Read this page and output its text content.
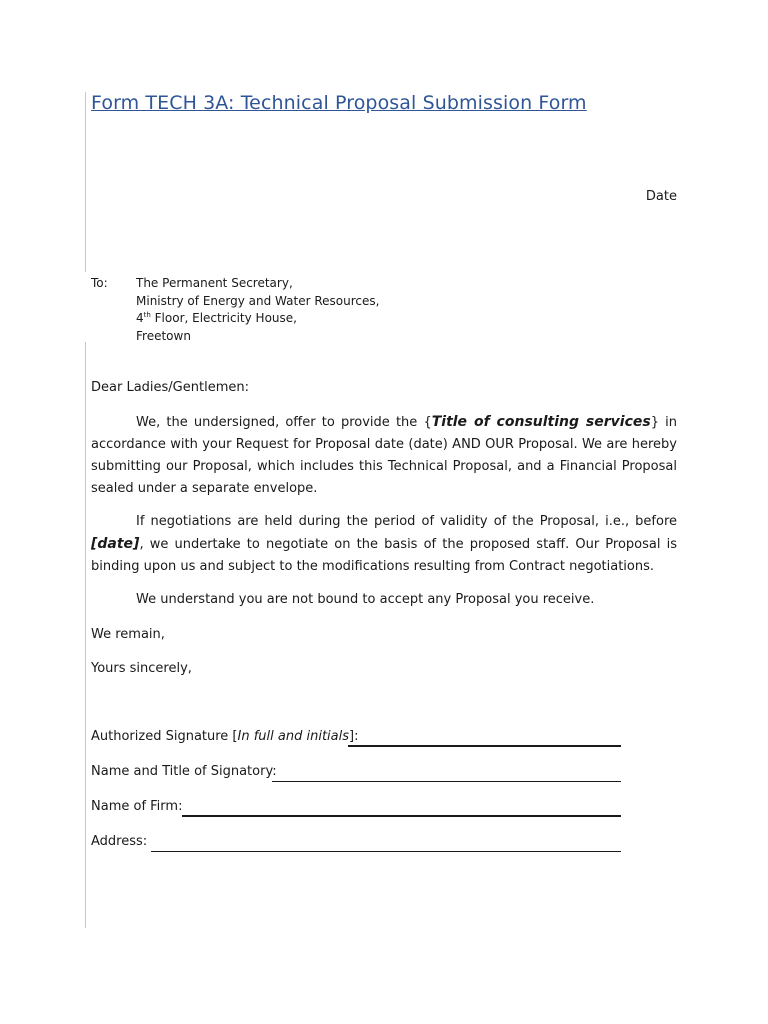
Form TECH 3A: Technical Proposal Submission Form
Date
To: The Permanent Secretary,
Ministry of Energy and Water Resources,
4th Floor, Electricity House,
Freetown
Dear Ladies/Gentlemen:
We, the undersigned, offer to provide the {Title of consulting services} in accordance with your Request for Proposal date (date) AND OUR Proposal. We are hereby submitting our Proposal, which includes this Technical Proposal, and a Financial Proposal sealed under a separate envelope.
If negotiations are held during the period of validity of the Proposal, i.e., before [date], we undertake to negotiate on the basis of the proposed staff. Our Proposal is binding upon us and subject to the modifications resulting from Contract negotiations.
We understand you are not bound to accept any Proposal you receive.
We remain,
Yours sincerely,
Authorized Signature [In full and initials]:
Name and Title of Signatory:
Name of Firm:
Address:
